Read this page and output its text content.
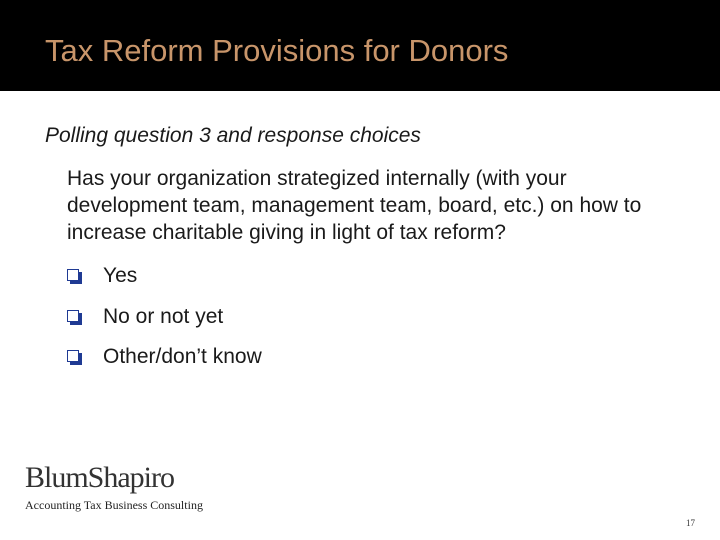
Tax Reform Provisions for Donors
Polling question 3 and response choices
Has your organization strategized internally (with your development team, management team, board, etc.) on how to increase charitable giving in light of tax reform?
Yes
No or not yet
Other/don’t know
BlumShapiro
Accounting Tax Business Consulting
17
